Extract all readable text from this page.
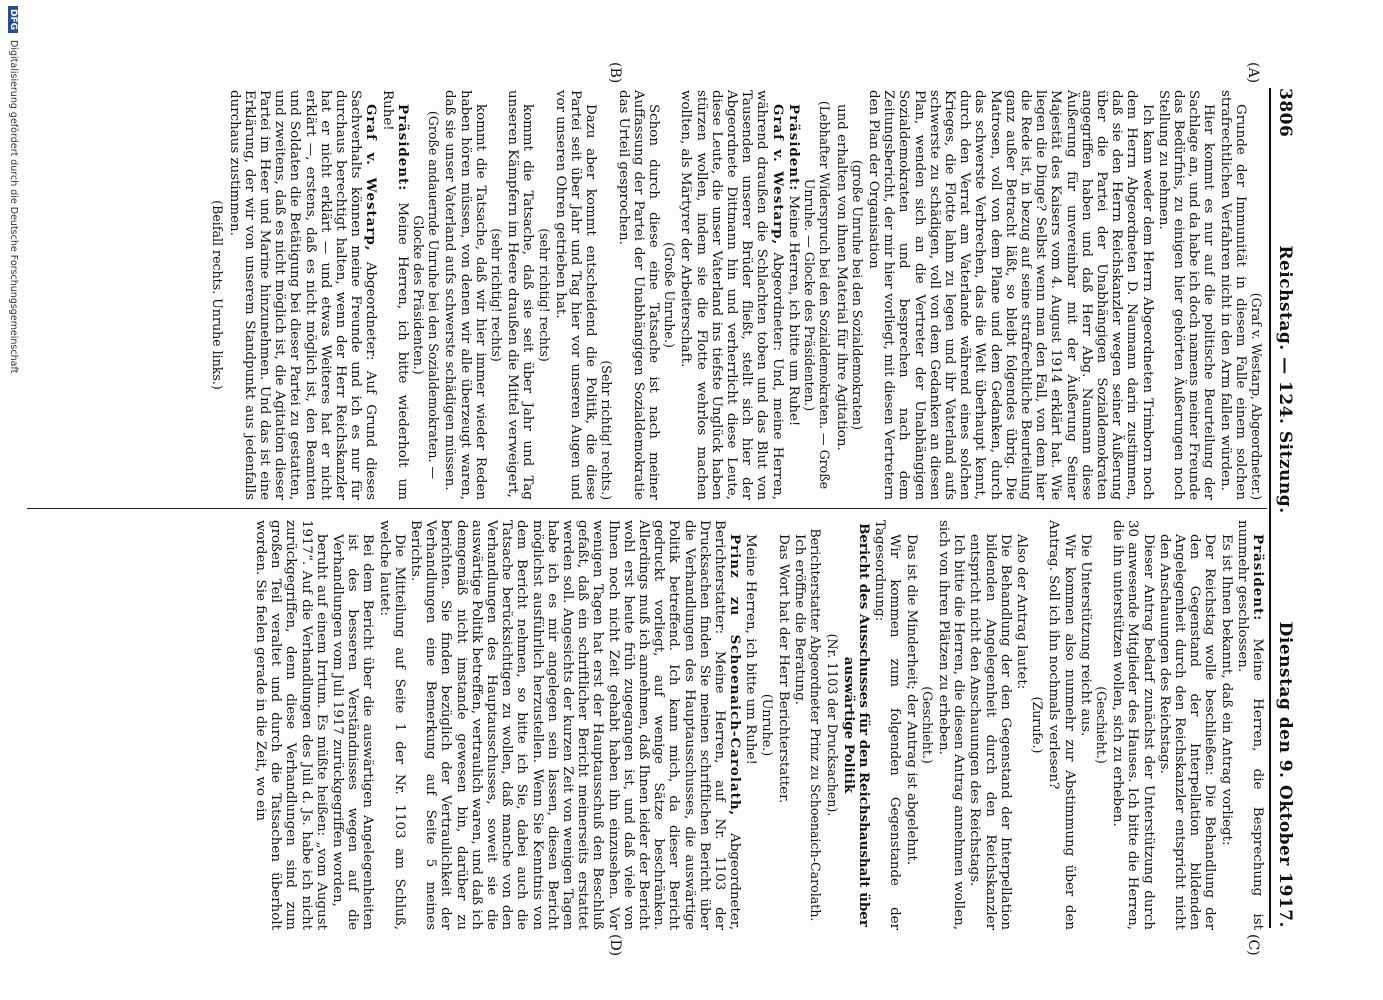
3806
Reichstag. — 124. Sitzung.
Dienstag den 9. Oktober 1917.
(A)
(B)
(C)
(D)

(Graf v. Westarp, Abgeordneter.)

Grunde der Immunität in diesem Falle einem solchen strafrechtlichen Verfahren nicht in den Arm fallen würden.

Hier kommt es nur auf die politische Beurteilung der Sachlage an, und da habe ich doch namens meiner Freunde das Bedürfnis, zu einigen hier gehörten Äußerungen noch Stellung zu nehmen.

Ich kann weder dem Herrn Abgeordneten Trimborn noch dem Herrn Abgeordneten D. Naumann darin zustimmen, daß sie den Herrn Reichskanzler wegen seiner Äußerung über die Partei der Unabhängigen Sozialdemokraten angegriffen haben und daß Herr Abg. Naumann diese Äußerung für unvereinbar mit der Äußerung Seiner Majestät des Kaisers vom 4. August 1914 erklärt hat. Wie liegen die Dinge? Selbst wenn man den Fall, von dem hier die Rede ist, in bezug auf seine strafrechtliche Beurteilung ganz außer Betracht läßt, so bleibt folgendes übrig. Die Matrosen, voll von dem Plane und dem Gedanken, durch das schwerste Verbrechen, das die Welt überhaupt kennt, durch den Verrat am Vaterlande während eines solchen Krieges, die Flotte lahm zu legen und ihr Vaterland aufs schwerste zu schädigen, voll von dem Gedanken an diesen Plan, wenden sich an die Vertreter der Unabhängigen Sozialdemokraten und besprechen nach dem Zeitungsbericht, der mir hier vorliegt, mit diesen Vertretern den Plan der Organisation

(große Unruhe bei den Sozialdemokraten)

und erhalten von ihnen Material für ihre Agitation.

(Lebhafter Widerspruch bei den Sozialdemokraten. — Große Unruhe. — Glocke des Präsidenten.)

Präsident: Meine Herren, ich bitte um Ruhe!

Graf v. Westarp, Abgeordneter: Und, meine Herren, während draußen die Schlachten toben und das Blut von Tausenden unserer Brüder fließt, stellt sich hier der Abgeordnete Dittmann hin und verherrlicht diese Leute, diese Leute, die unser Vaterland ins tiefste Unglück haben stürzen wollen, indem sie die Flotte wehrlos machen wollten, als Märtyrer der Arbeiterschaft.

(Große Unruhe.)

Schon durch diese eine Tatsache ist nach meiner Auffassung der Partei der Unabhängigen Sozialdemokratie das Urteil gesprochen.

(Sehr richtig! rechts.)

Dazu aber kommt entscheidend die Politik, die diese Partei seit über Jahr und Tag hier vor unseren Augen und vor unseren Ohren getrieben hat.

(sehr richtig! rechts)

kommt die Tatsache, daß sie seit über Jahr und Tag unseren Kämpfern im Heere draußen die Mittel verweigert,

(sehr richtig! rechts)

kommt die Tatsache, daß wir hier immer wieder Reden haben hören müssen, von denen wir alle überzeugt waren, daß sie unser Vaterland aufs schwerste schädigen müssen.

(Große andauernde Unruhe bei den Sozialdemokraten. — Glocke des Präsidenten.)

Präsident: Meine Herren, ich bitte wiederholt um Ruhe!

Graf v. Westarp, Abgeordneter: Auf Grund dieses Sachverhalts können meine Freunde und ich es nur für durchaus berechtigt halten, wenn der Herr Reichskanzler hat er nicht erklärt — und etwas Weiteres hat er nicht erklärt —, erstens, daß es nicht möglich ist, den Beamten und Soldaten die Betätigung bei dieser Partei zu gestatten, und zweitens, daß es nicht möglich ist, die Agitation dieser Partei im Heer und Marine hinzunehmen. Und das ist eine Erklärung, der wir von unserem Standpunkt aus jedenfalls durchaus zustimmen.

(Beifall rechts. Unruhe links.)

Präsident: Meine Herren, die Besprechung ist nunmehr geschlossen.

Es ist Ihnen bekannt, daß ein Antrag vorliegt:

Der Reichstag wolle beschließen: Die Behandlung der den Gegenstand der Interpellation bildenden Angelegenheit durch den Reichskanzler entspricht nicht den Anschauungen des Reichstags.

Dieser Antrag bedarf zunächst der Unterstützung durch 30 anwesende Mitglieder des Hauses. Ich bitte die Herren, die ihn unterstützen wollen, sich zu erheben.

(Geschieht.)

Die Unterstützung reicht aus.

Wir kommen also nunmehr zur Abstimmung über den Antrag. Soll ich ihn nochmals verlesen?

(Zurufe.)

Also der Antrag lautet:

Die Behandlung der den Gegenstand der Interpellation bildenden Angelegenheit durch den Reichskanzler entspricht nicht den Anschauungen des Reichstags.

Ich bitte die Herren, die diesen Antrag annehmen wollen, sich von ihren Plätzen zu erheben.

(Geschieht.)

Das ist die Minderheit; der Antrag ist abgelehnt.

Wir kommen zum folgenden Gegenstande der Tagesordnung:

Bericht des Ausschusses für den Reichshaushalt über auswärtige Politik

(Nr. 1103 der Drucksachen).

Berichterstatter Abgeordneter Prinz zu Schoenaich-Carolath.

Ich eröffne die Beratung.

Das Wort hat der Herr Berichterstatter.

(Unruhe.)

Meine Herren, ich bitte um Ruhe!

Prinz zu Schoenaich-Carolath, Abgeordneter, Berichterstatter: Meine Herren, auf Nr. 1103 der Drucksachen finden Sie meinen schriftlichen Bericht über die Verhandlungen des Hauptausschusses, die auswärtige Politik betreffend. Ich kann mich, da dieser Bericht gedruckt vorliegt, auf wenige Sätze beschränken. Allerdings muß ich annehmen, daß Ihnen leider der Bericht wohl erst heute früh zugegangen ist, und daß viele von Ihnen noch nicht Zeit gehabt haben ihn einzusehen. Vor wenigen Tagen hat erst der Hauptausschuß den Beschluß gefaßt, daß ein schriftlicher Bericht meinerseits erstattet werden soll. Angesichts der kurzen Zeit von wenigen Tagen habe ich es mir angelegen sein lassen, diesen Bericht möglichst ausführlich herzustellen. Wenn Sie Kenntnis von dem Bericht nehmen, so bitte ich Sie, dabei auch die Tatsache berücksichtigen zu wollen, daß manche von den Verhandlungen des Hauptausschusses, soweit sie die auswärtige Politik betreffen, vertraulich waren, und daß ich demgemäß nicht imstande gewesen bin, darüber zu berichten. Sie finden bezüglich der Vertraulichkeit der Verhandlungen eine Bemerkung auf Seite 5 meines Berichts.

Die Mitteilung auf Seite 1 der Nr. 1103 am Schluß, welche lautet:

Bei dem Bericht über die auswärtigen Angelegenheiten ist des besseren Verständnisses wegen auf die Verhandlungen vom Juli 1917 zurückgegriffen worden,

beruht auf einem Irrtum. Es müßte heißen: „vom August 1917“. Auf die Verhandlungen des Juli d. Js. habe ich nicht zurückgegriffen, denn diese Verhandlungen sind zum großen Teil veraltet und durch die Tatsachen überholt worden. Sie fielen gerade in die Zeit, wo ein

DFG Digitalisierung gefördert durch die Deutsche Forschungsgemeinschaft
